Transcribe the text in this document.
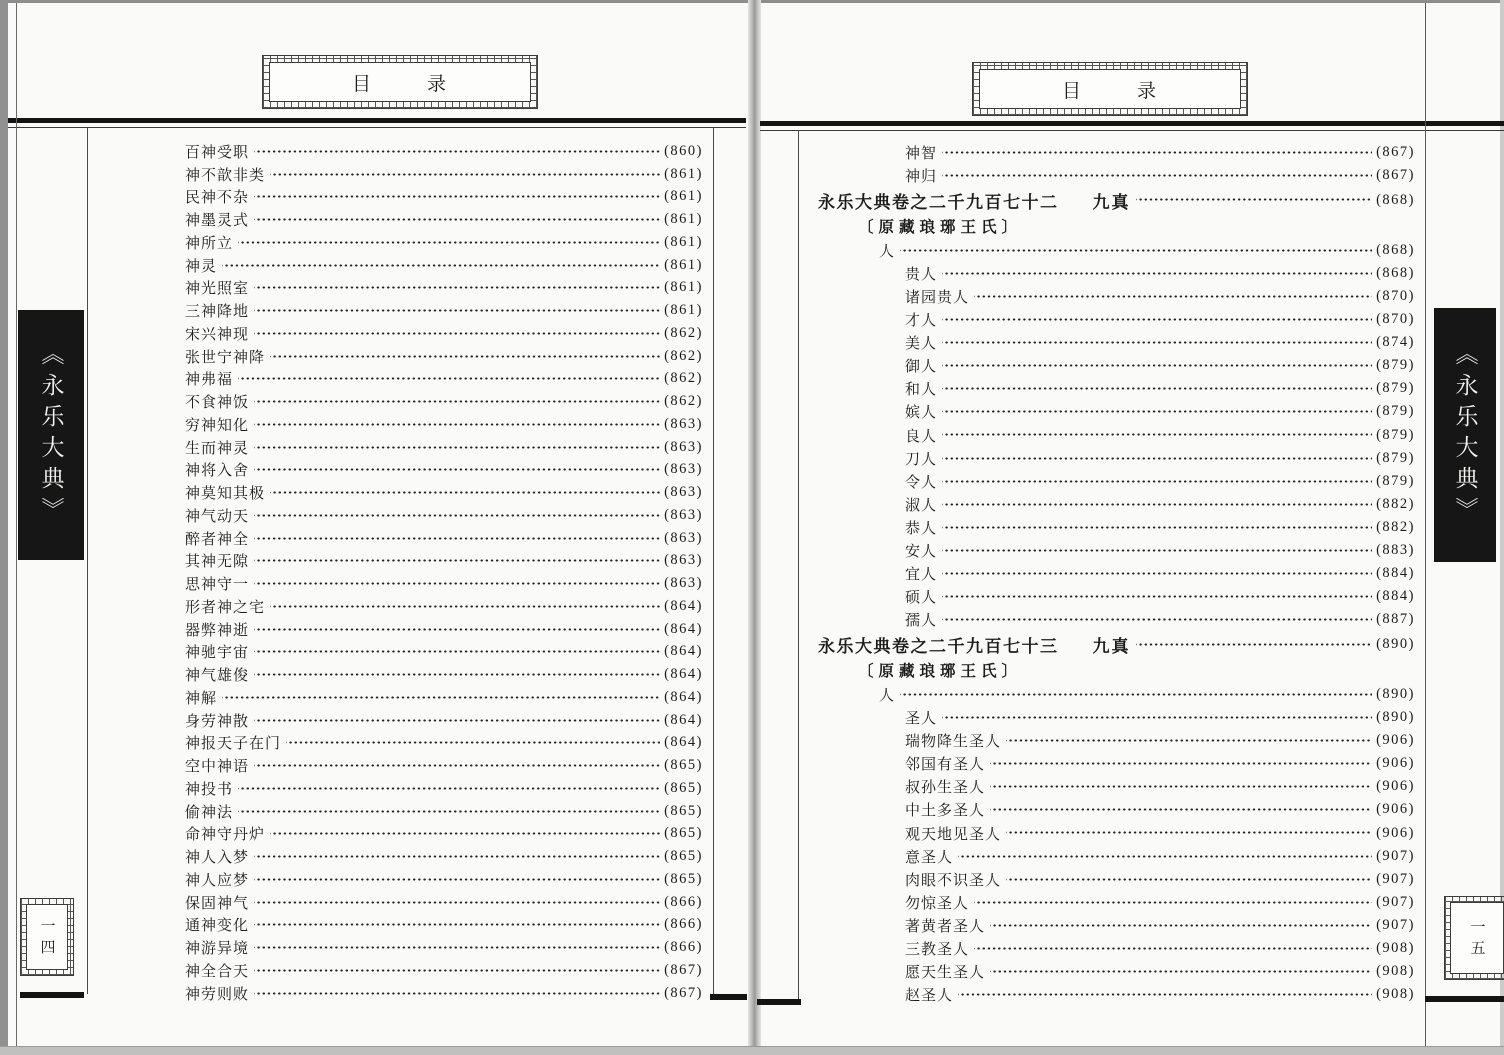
目	录
《永乐大典》
一四
百神受职	(860)
神不歆非类	(861)
民神不杂	(861)
神墨灵式	(861)
神所立	(861)
神灵	(861)
神光照室	(861)
三神降地	(861)
宋兴神现	(862)
张世宁神降	(862)
神弗福	(862)
不食神饭	(862)
穷神知化	(863)
生而神灵	(863)
神将入舍	(863)
神莫知其极	(863)
神气动天	(863)
醉者神全	(863)
其神无隙	(863)
思神守一	(863)
形者神之宅	(864)
器弊神逝	(864)
神驰宇宙	(864)
神气雄俊	(864)
神解	(864)
身劳神散	(864)
神报天子在门	(864)
空中神语	(865)
神投书	(865)
偷神法	(865)
命神守丹炉	(865)
神人入梦	(865)
神人应梦	(865)
保固神气	(866)
通神变化	(866)
神游异境	(866)
神全合天	(867)
神劳则败	(867)
目	录
《永乐大典》
一五
神智	(867)
神归	(867)
永乐大典卷之二千九百七十二 九真	(868)
〔原藏琅琊王氏〕
人	(868)
贵人	(868)
诸园贵人	(870)
才人	(870)
美人	(874)
御人	(879)
和人	(879)
嫔人	(879)
良人	(879)
刀人	(879)
令人	(879)
淑人	(882)
恭人	(882)
安人	(883)
宜人	(884)
硕人	(884)
孺人	(887)
永乐大典卷之二千九百七十三 九真	(890)
〔原藏琅琊王氏〕
人	(890)
圣人	(890)
瑞物降生圣人	(906)
邻国有圣人	(906)
叔孙生圣人	(906)
中土多圣人	(906)
观天地见圣人	(906)
意圣人	(907)
肉眼不识圣人	(907)
勿惊圣人	(907)
著黄者圣人	(907)
三教圣人	(908)
愿天生圣人	(908)
赵圣人	(908)
